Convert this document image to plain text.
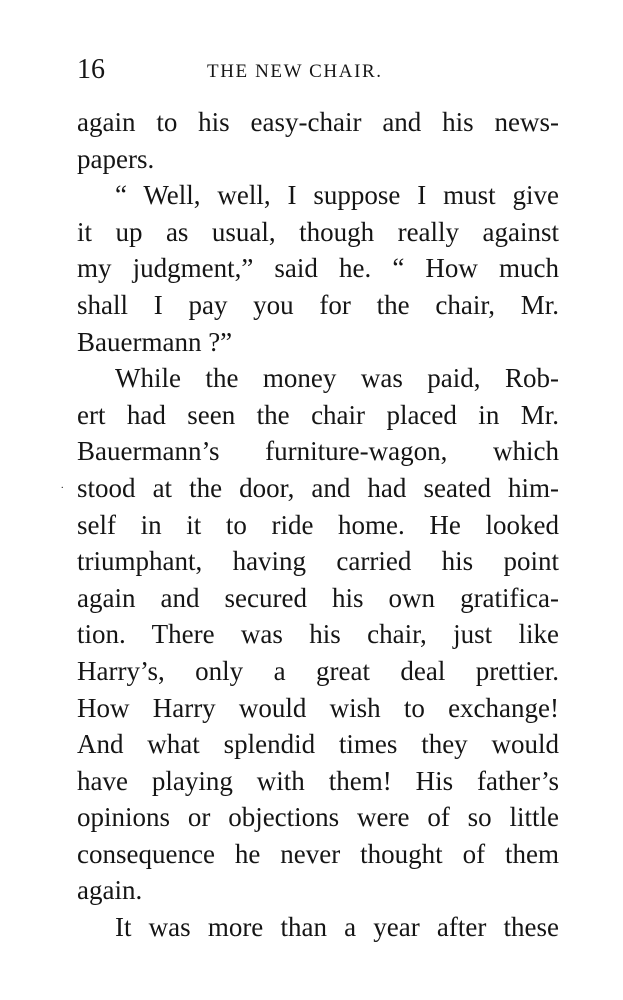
16	THE NEW CHAIR.
.
again to his easy-chair and his news-
papers.
“ Well, well, I suppose I must give
it up as usual, though really against
my judgment,” said he. “ How much
shall I pay you for the chair, Mr.
Bauermann ?”
While the money was paid, Rob-
ert had seen the chair placed in Mr.
Bauermann’s furniture-wagon, which
stood at the door, and had seated him-
self in it to ride home. He looked
triumphant, having carried his point
again and secured his own gratifica-
tion. There was his chair, just like
Harry’s, only a great deal prettier.
How Harry would wish to exchange!
And what splendid times they would
have playing with them! His father’s
opinions or objections were of so little
consequence he never thought of them
again.
It was more than a year after these
